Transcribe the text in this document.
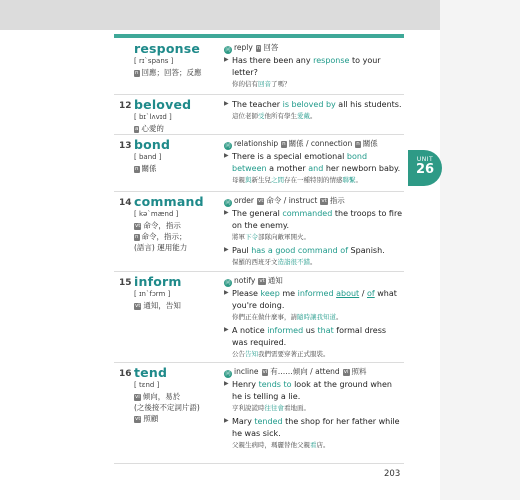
response
[ rɪˋspans ]
n 回應；回答；反應
同 reply n 回答
▶ Has there been any response to your letter?
你的信有回音了嗎？
12 beloved
[ bɪˋlʌvɪd ]
a 心愛的
▶ The teacher is beloved by all his students.
這位老師受他所有學生愛戴。
13 bond
[ band ]
n 關係
同 relationship n 關係 / connection n 關係
▶ There is a special emotional bond between a mother and her newborn baby.
母親與新生兒之間存在一種特別的情感聯繫。
14 command
[ kəˋmænd ]
vt 命令，指示
n 命令，指示；
(語言) 運用能力
同 order vt 命令 / instruct vt 指示
▶ The general commanded the troops to fire on the enemy.
將軍下令部隊向敵軍開火。
▶ Paul has a good command of Spanish.
保羅的西班牙文造詣很不錯。
15 inform
[ ɪnˋfɔrm ]
vt 通知，告知
同 notify vt 通知
▶ Please keep me informed about / of what you're doing.
你們正在做什麼事，請隨時讓我知道。
▶ A notice informed us that formal dress was required.
公告告知我們需要穿著正式服裝。
16 tend
[ tɛnd ]
vi 傾向，易於
(之後接不定詞片語)
vt 照顧
同 incline vi 有……傾向 / attend vi 照料
▶ Henry tends to look at the ground when he is telling a lie.
亨利說謊時往往會看地面。
▶ Mary tended the shop for her father while he was sick.
父親生病時，瑪麗替他父親看店。
UNIT
26
203
